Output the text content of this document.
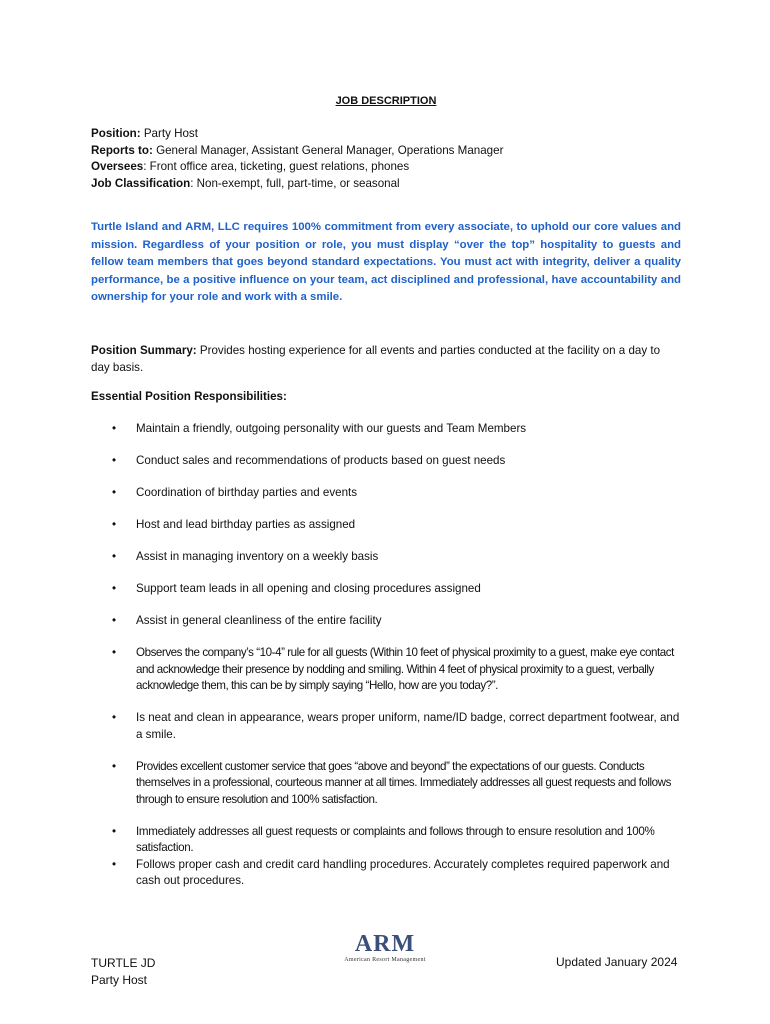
JOB DESCRIPTION
Position: Party Host
Reports to: General Manager, Assistant General Manager, Operations Manager
Oversees: Front office area, ticketing, guest relations, phones
Job Classification: Non-exempt, full, part-time, or seasonal
Turtle Island and ARM, LLC requires 100% commitment from every associate, to uphold our core values and mission. Regardless of your position or role, you must display “over the top” hospitality to guests and fellow team members that goes beyond standard expectations. You must act with integrity, deliver a quality performance, be a positive influence on your team, act disciplined and professional, have accountability and ownership for your role and work with a smile.
Position Summary: Provides hosting experience for all events and parties conducted at the facility on a day to day basis.
Essential Position Responsibilities:
• Maintain a friendly, outgoing personality with our guests and Team Members
• Conduct sales and recommendations of products based on guest needs
• Coordination of birthday parties and events
• Host and lead birthday parties as assigned
• Assist in managing inventory on a weekly basis
• Support team leads in all opening and closing procedures assigned
• Assist in general cleanliness of the entire facility
• Observes the company’s “10-4” rule for all guests (Within 10 feet of physical proximity to a guest, make eye contact and acknowledge their presence by nodding and smiling. Within 4 feet of physical proximity to a guest, verbally acknowledge them, this can be by simply saying “Hello, how are you today?”.
• Is neat and clean in appearance, wears proper uniform, name/ID badge, correct department footwear, and a smile.
• Provides excellent customer service that goes “above and beyond” the expectations of our guests. Conducts themselves in a professional, courteous manner at all times. Immediately addresses all guest requests and follows through to ensure resolution and 100% satisfaction.
• Immediately addresses all guest requests or complaints and follows through to ensure resolution and 100% satisfaction.
• Follows proper cash and credit card handling procedures. Accurately completes required paperwork and cash out procedures.
TURTLE JD
Party Host
ARM
American Resort Management	Updated January 2024
